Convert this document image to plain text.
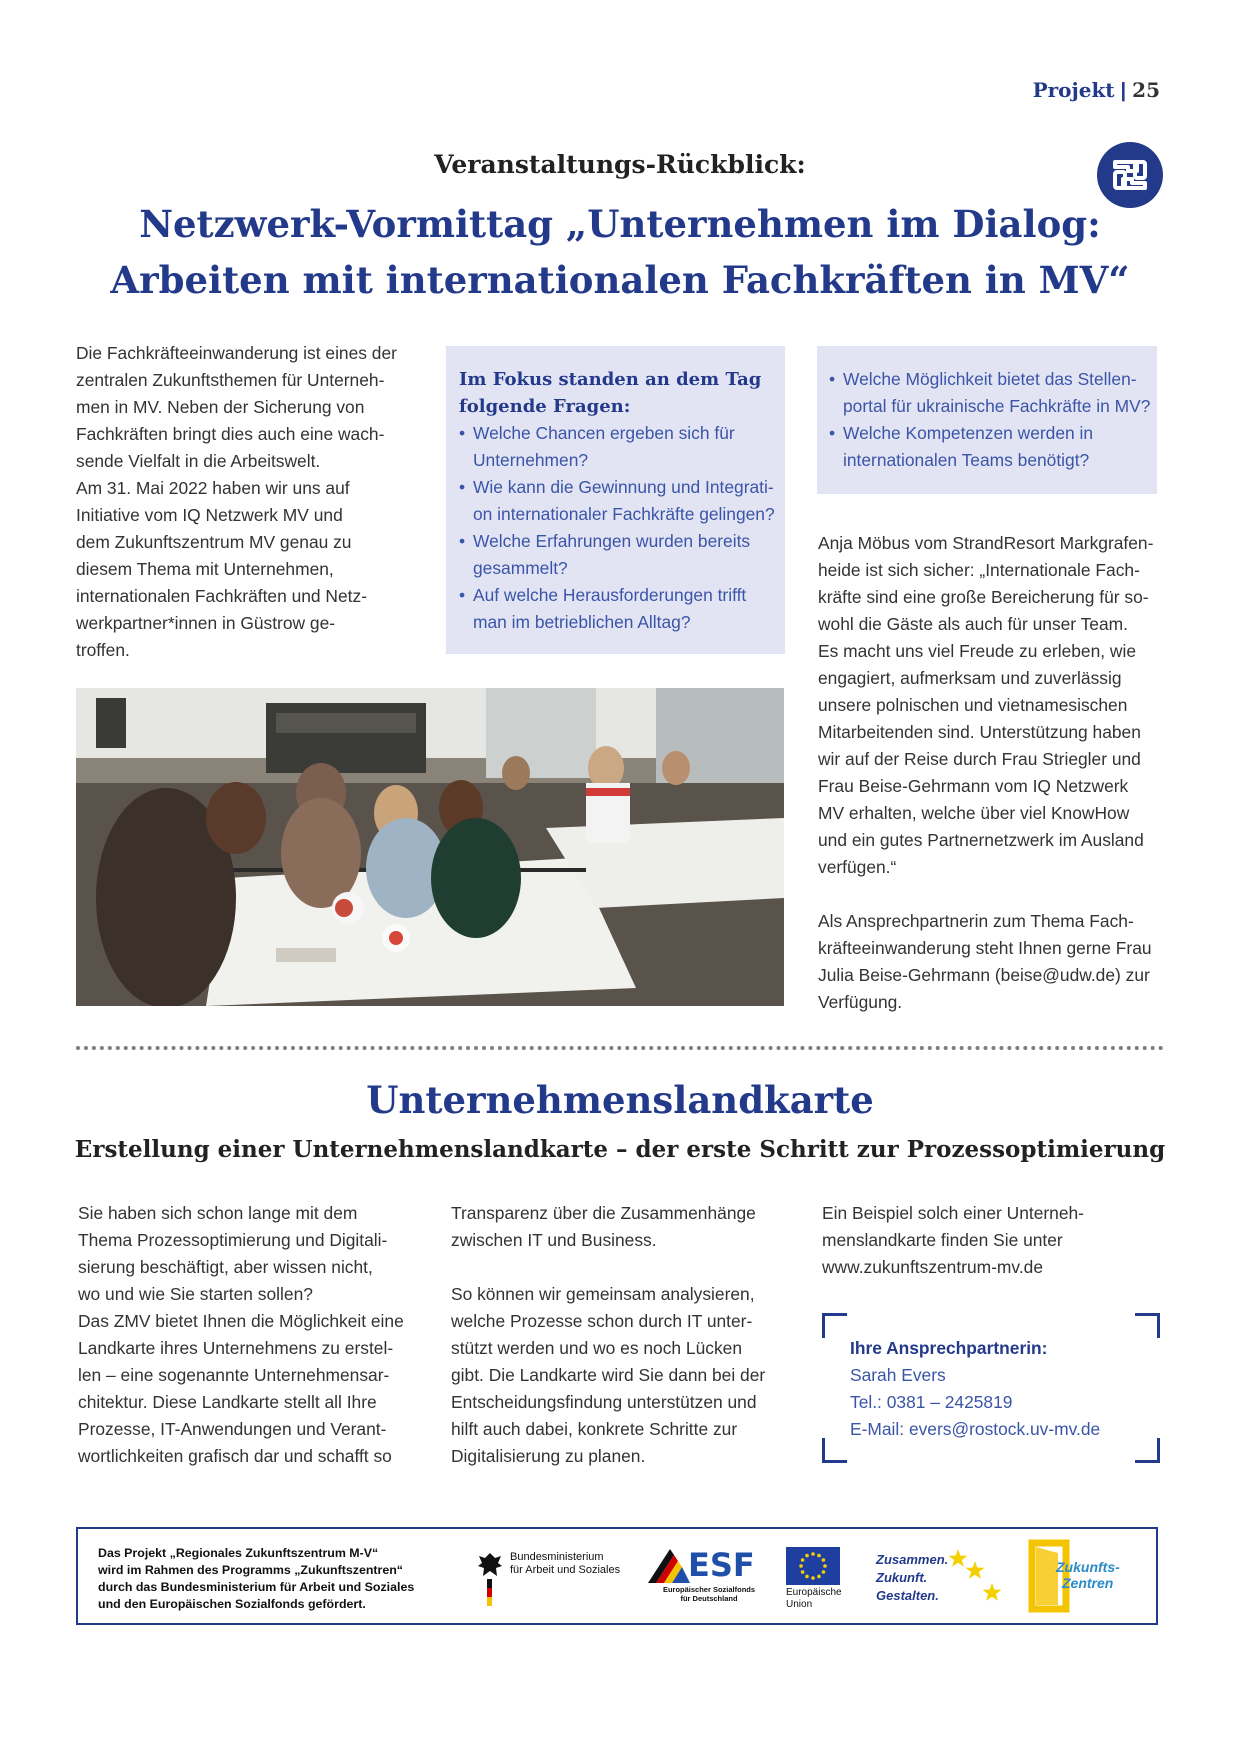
Projekt | 25
Veranstaltungs-Rückblick:
Netzwerk-Vormittag „Unternehmen im Dialog:
Arbeiten mit internationalen Fachkräften in MV“
Die Fachkräfteeinwanderung ist eines der
zentralen Zukunftsthemen für Unterneh-
men in MV. Neben der Sicherung von
Fachkräften bringt dies auch eine wach-
sende Vielfalt in die Arbeitswelt.
Am 31. Mai 2022 haben wir uns auf
Initiative vom IQ Netzwerk MV und
dem Zukunftszentrum MV genau zu
diesem Thema mit Unternehmen,
internationalen Fachkräften und Netz-
werkpartner*innen in Güstrow ge-
troffen.
Im Fokus standen an dem Tag
folgende Fragen:
• Welche Chancen ergeben sich für
Unternehmen?
• Wie kann die Gewinnung und Integrati-
on internationaler Fachkräfte gelingen?
• Welche Erfahrungen wurden bereits
gesammelt?
• Auf welche Herausforderungen trifft
man im betrieblichen Alltag?
• Welche Möglichkeit bietet das Stellen-
portal für ukrainische Fachkräfte in MV?
• Welche Kompetenzen werden in
internationalen Teams benötigt?
Anja Möbus vom StrandResort Markgrafen-
heide ist sich sicher: „Internationale Fach-
kräfte sind eine große Bereicherung für so-
wohl die Gäste als auch für unser Team.
Es macht uns viel Freude zu erleben, wie
engagiert, aufmerksam und zuverlässig
unsere polnischen und vietnamesischen
Mitarbeitenden sind. Unterstützung haben
wir auf der Reise durch Frau Striegler und
Frau Beise-Gehrmann vom IQ Netzwerk
MV erhalten, welche über viel KnowHow
und ein gutes Partnernetzwerk im Ausland
verfügen.“
Als Ansprechpartnerin zum Thema Fach-
kräfteeinwanderung steht Ihnen gerne Frau
Julia Beise-Gehrmann (beise@udw.de) zur
Verfügung.
Unternehmenslandkarte
Erstellung einer Unternehmenslandkarte – der erste Schritt zur Prozessoptimierung
Sie haben sich schon lange mit dem
Thema Prozessoptimierung und Digitali-
sierung beschäftigt, aber wissen nicht,
wo und wie Sie starten sollen?
Das ZMV bietet Ihnen die Möglichkeit eine
Landkarte ihres Unternehmens zu erstel-
len – eine sogenannte Unternehmensar-
chitektur. Diese Landkarte stellt all Ihre
Prozesse, IT-Anwendungen und Verant-
wortlichkeiten grafisch dar und schafft so
Transparenz über die Zusammenhänge
zwischen IT und Business.

So können wir gemeinsam analysieren,
welche Prozesse schon durch IT unter-
stützt werden und wo es noch Lücken
gibt. Die Landkarte wird Sie dann bei der
Entscheidungsfindung unterstützen und
hilft auch dabei, konkrete Schritte zur
Digitalisierung zu planen.
Ein Beispiel solch einer Unterneh-
menslandkarte finden Sie unter
www.zukunftszentrum-mv.de
Ihre Ansprechpartnerin:
Sarah Evers
Tel.: 0381 – 2425819
E-Mail: evers@rostock.uv-mv.de
Das Projekt „Regionales Zukunftszentrum M-V“
wird im Rahmen des Programms „Zukunftszentren“
durch das Bundesministerium für Arbeit und Soziales
und den Europäischen Sozialfonds gefördert.
Bundesministerium
für Arbeit und Soziales ESF
Europäischer Sozialfonds
für Deutschland
Europäische
Union
Zusammen.
Zukunft.
Gestalten.
Zukunfts-
Zentren
